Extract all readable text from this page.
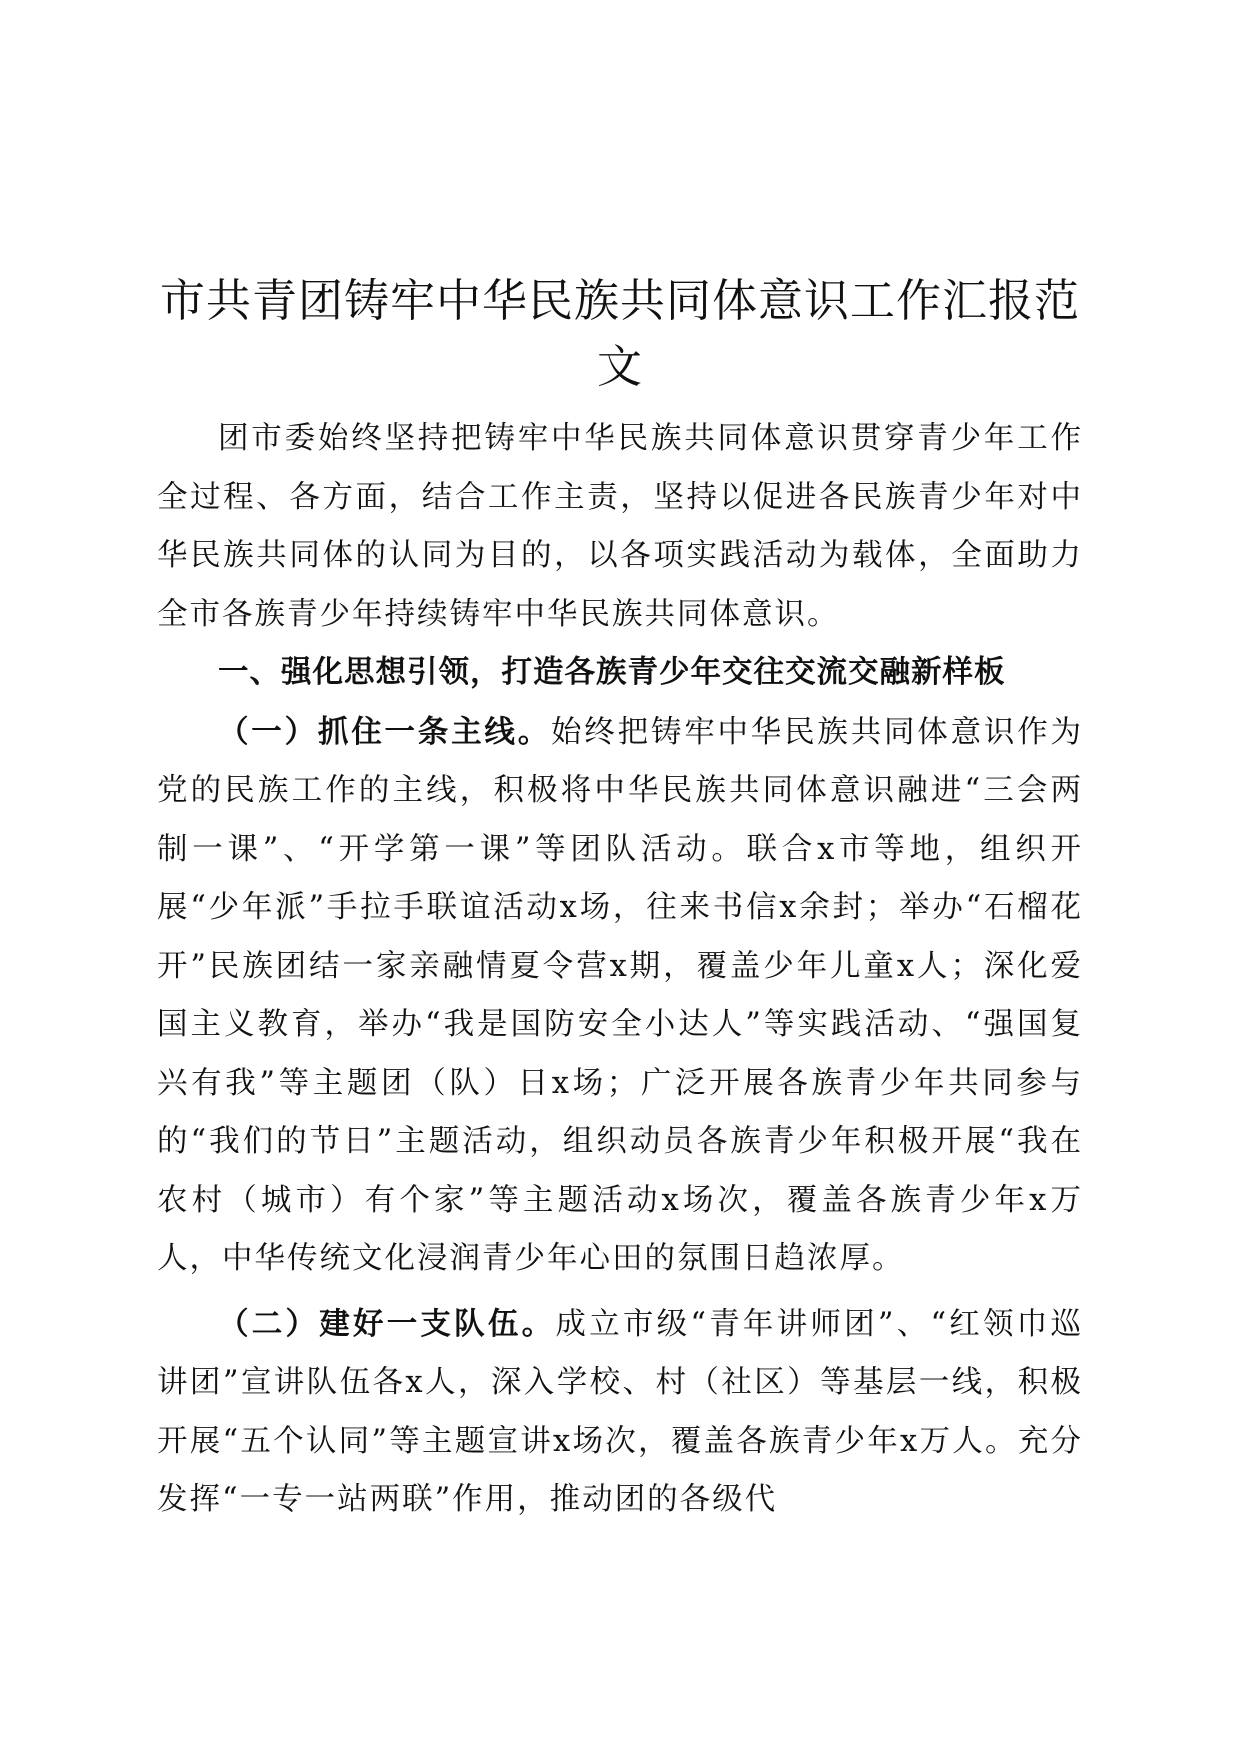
市共青团铸牢中华民族共同体意识工作汇报范文

团市委始终坚持把铸牢中华民族共同体意识贯穿青少年工作全过程、各方面，结合工作主责，坚持以促进各民族青少年对中华民族共同体的认同为目的，以各项实践活动为载体，全面助力全市各族青少年持续铸牢中华民族共同体意识。

一、强化思想引领，打造各族青少年交往交流交融新样板

（一）抓住一条主线。始终把铸牢中华民族共同体意识作为党的民族工作的主线，积极将中华民族共同体意识融进“三会两制一课”、“开学第一课”等团队活动。联合x市等地，组织开展“少年派”手拉手联谊活动x场，往来书信x余封；举办“石榴花开”民族团结一家亲融情夏令营x期，覆盖少年儿童x人；深化爱国主义教育，举办“我是国防安全小达人”等实践活动、“强国复兴有我”等主题团（队）日x场；广泛开展各族青少年共同参与的“我们的节日”主题活动，组织动员各族青少年积极开展“我在农村（城市）有个家”等主题活动x场次，覆盖各族青少年x万人，中华传统文化浸润青少年心田的氛围日趋浓厚。

（二）建好一支队伍。成立市级“青年讲师团”、“红领巾巡讲团”宣讲队伍各x人，深入学校、村（社区）等基层一线，积极开展“五个认同”等主题宣讲x场次，覆盖各族青少年x万人。充分发挥“一专一站两联”作用，推动团的各级代
